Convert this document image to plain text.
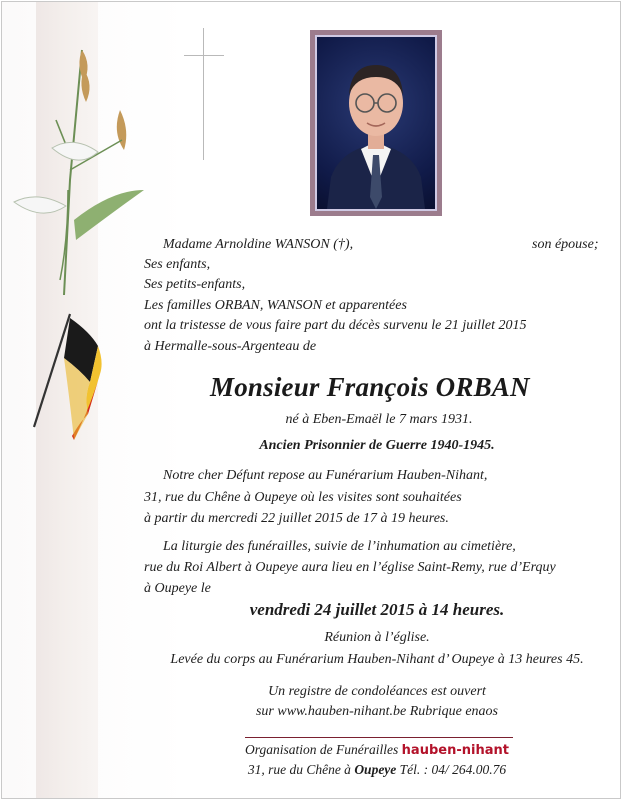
Madame Arnoldine WANSON (†),	son épouse;
Ses enfants,
Ses petits-enfants,
Les familles ORBAN, WANSON et apparentées
ont la tristesse de vous faire part du décès survenu le 21 juillet 2015
à Hermalle-sous-Argenteau de
Monsieur François ORBAN
né à Eben-Emaël le 7 mars 1931.
Ancien Prisonnier de Guerre 1940-1945.
Notre cher Défunt repose au Funérarium Hauben-Nihant,
31, rue du Chêne à Oupeye où les visites sont souhaitées
à partir du mercredi 22 juillet 2015 de 17 à 19 heures.
La liturgie des funérailles, suivie de l’inhumation au cimetière,
rue du Roi Albert à Oupeye aura lieu en l’église Saint-Remy, rue d’Erquy
à Oupeye le
vendredi 24 juillet 2015 à 14 heures.
Réunion à l’église.
Levée du corps au Funérarium Hauben-Nihant d’ Oupeye à 13 heures 45.
Un registre de condoléances est ouvert
sur www.hauben-nihant.be Rubrique enaos
Organisation de Funérailles hauben-nihant
31, rue du Chêne à Oupeye Tél. : 04/ 264.00.76
